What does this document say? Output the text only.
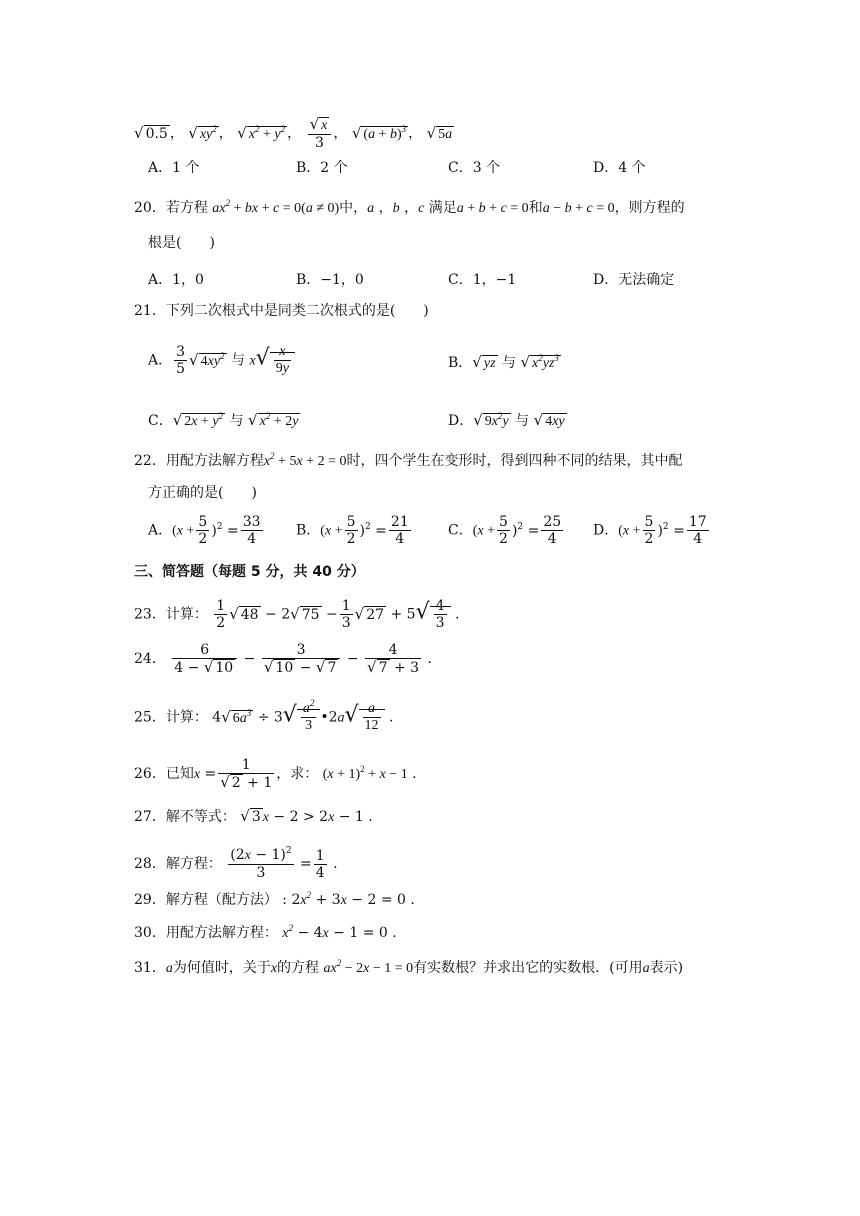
√ 0.5 ， √ $xy^2$ ， √ $x^2 + y^2$ ， $\frac{√ x}{3}$ ， √ $(a + b)^3$ ， √ 5a
A．1 个	B．2 个	C．3 个	D．4 个
20．若方程 $ax^2$ + bx + c = 0(a ≠ 0)中，a ，b ，c 满足a + b + c = 0和a − b + c = 0，则方程的
根是(　　)
A．1，0	B．−1，0	C．1，−1	D．无法确定
21．下列二次根式中是同类二次根式的是(　　)
A． $\frac{3}{5}$ √ $4xy^2$ 与 $x√ \frac{x}{9y}$	B．√ yz 与 √ $x^2yz^3$
C．√ $2x + y^2$ 与 √ $x^2 + 2y$	D．√ $9x^2y$ 与 √ 4xy
22．用配方法解方程$x^2 + 5x + 2 = 0$时，四个学生在变形时，得到四种不同的结果，其中配
方正确的是(　　)
A．$(x + \frac{5}{2} )^2 = \frac{33}{4}$ B．$(x + \frac{5}{2} )^2 = \frac{21}{4}$	C．$(x + \frac{5}{2} )^2 = \frac{25}{4}$ D．$(x + \frac{5}{2} )^2 = \frac{17}{4}$
三、简答题（每题 5 分，共 40 分）
23．计算： $\frac{1}{2}$ √ 48 − 2√ $75 - \frac{1}{3}$ √ $27 + 5√ \frac{4}{3}$ .
24． $\frac{6}{4 - √ 10} - \frac{3}{√ 10 - √ 7} - \frac{4}{√ 7 + 3}$ .
25．计算： 4√ $6a^3 \div 3√ \frac{a^2}{3}$ •2a√ $\frac{a}{12}$ .
26．已知$x = \frac{1}{√ 2 + 1}$ ，求： $(x + 1)^2 + x - 1$ .
27．解不等式： √ 3 x − 2 > 2x − 1 .
28．解方程： $\frac{(2x - 1)^2}{3} = \frac{1}{4}$ .
29．解方程（配方法） : $2x^2 + 3x - 2 = 0$ .
30．用配方法解方程： $x^2 - 4x - 1 = 0$ .
31．a为何值时，关于x的方程 $ax^2 - 2x - 1 = 0$有实数根？并求出它的实数根．(可用a表示)
